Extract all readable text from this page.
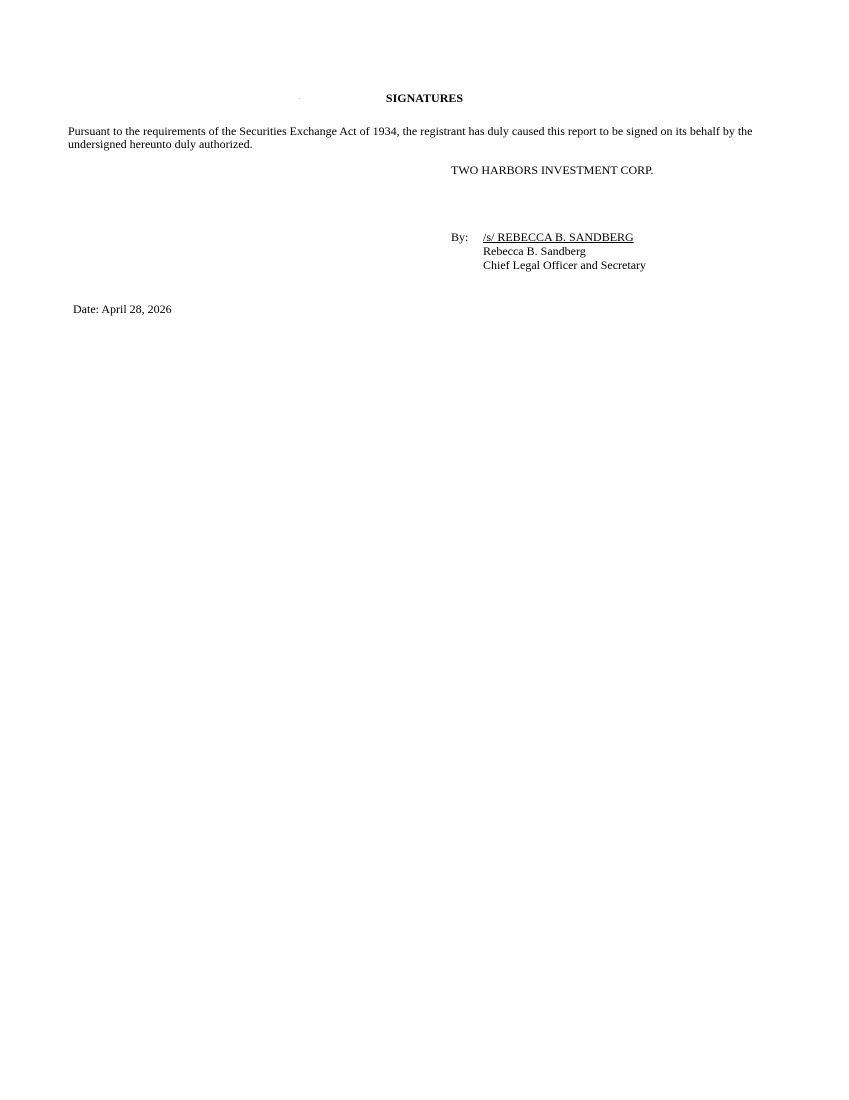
.	SIGNATURES
Pursuant to the requirements of the Securities Exchange Act of 1934, the registrant has duly caused this report to be signed on its behalf by the undersigned hereunto duly authorized.
TWO HARBORS INVESTMENT CORP.
By:	/s/ REBECCA B. SANDBERG
Rebecca B. Sandberg
Chief Legal Officer and Secretary
Date: April 28, 2026
